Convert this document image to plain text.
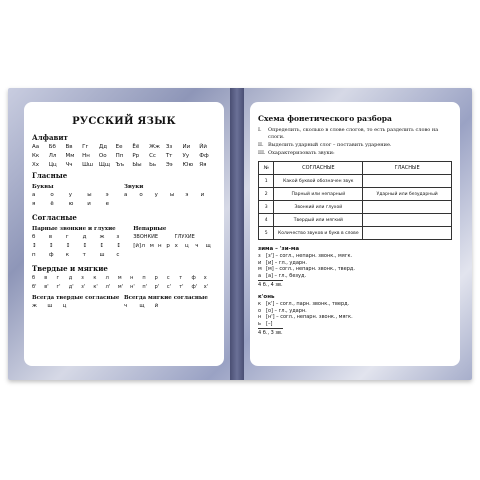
РУССКИЙ ЯЗЫК
Алфавит
Аа	Бб	Вв	Гг	Дд	Ее	Ёё	Жж	Зз	Ии	Йй
Кк	Лл	Мм	Нн	Оо	Пп	Рр	Сс	Тт	Уу	Фф
Хх	Цц	Чч	Шш	Щщ	Ъъ	Ыы	Ьь	Ээ	Юю	Яя
Гласные
Буквы
а	о	у	ы	э
я	ё	ю	и	е
Звуки
а	о	у	ы	э	и
Согласные
Парные звонкие и глухие
б	в	г	д	ж	з
↕	↕	↕	↕	↕	↕
п	ф	к	т	ш	с
Непарные
ЗВОНКИЕ	ГЛУХИЕ
[й] л м н р х	ц	ч	щ
Твердые и мягкие
б	в	г	д	з	к	л	м	н	п	р	с	т	ф	х
б'	в'	г'	д'	з'	к'	л'	м'	н'	п'	р'	с'	т'	ф'	х'
Всегда твердые согласные
ж	ш	ц
Всегда мягкие согласные
ч	щ	й
Схема фонетического разбора
I.	Определить, сколько в слове слогов, то есть разделить слово на слоги.
II. Выделить ударный слог – поставить ударение.
III. Охарактеризовать звуки:
№	СОГЛАСНЫЕ	ГЛАСНЫЕ
1	Какой буквой обозначен звук	
2	Парный или непарный	Ударный или безударный
3	Звонкий или глухой	
4	Твердый или мягкий	
5	Количество звуков и букв в слове	
зима – 'зи-ма
з	[з'] – согл., непарн. звонк., мягк.
и [и] – гл., ударн.
м [м] – согл., непарн. звонк., тверд.
а [а] – гл., безуд.
4 б., 4 зв.
к'онь
к [к'] – согл., парн. звонк., тверд.
о [о] – гл., ударн.
н [н'] – согл., непарн. звонк., мягк.
ь	[–]
4 б., 3 зв.
